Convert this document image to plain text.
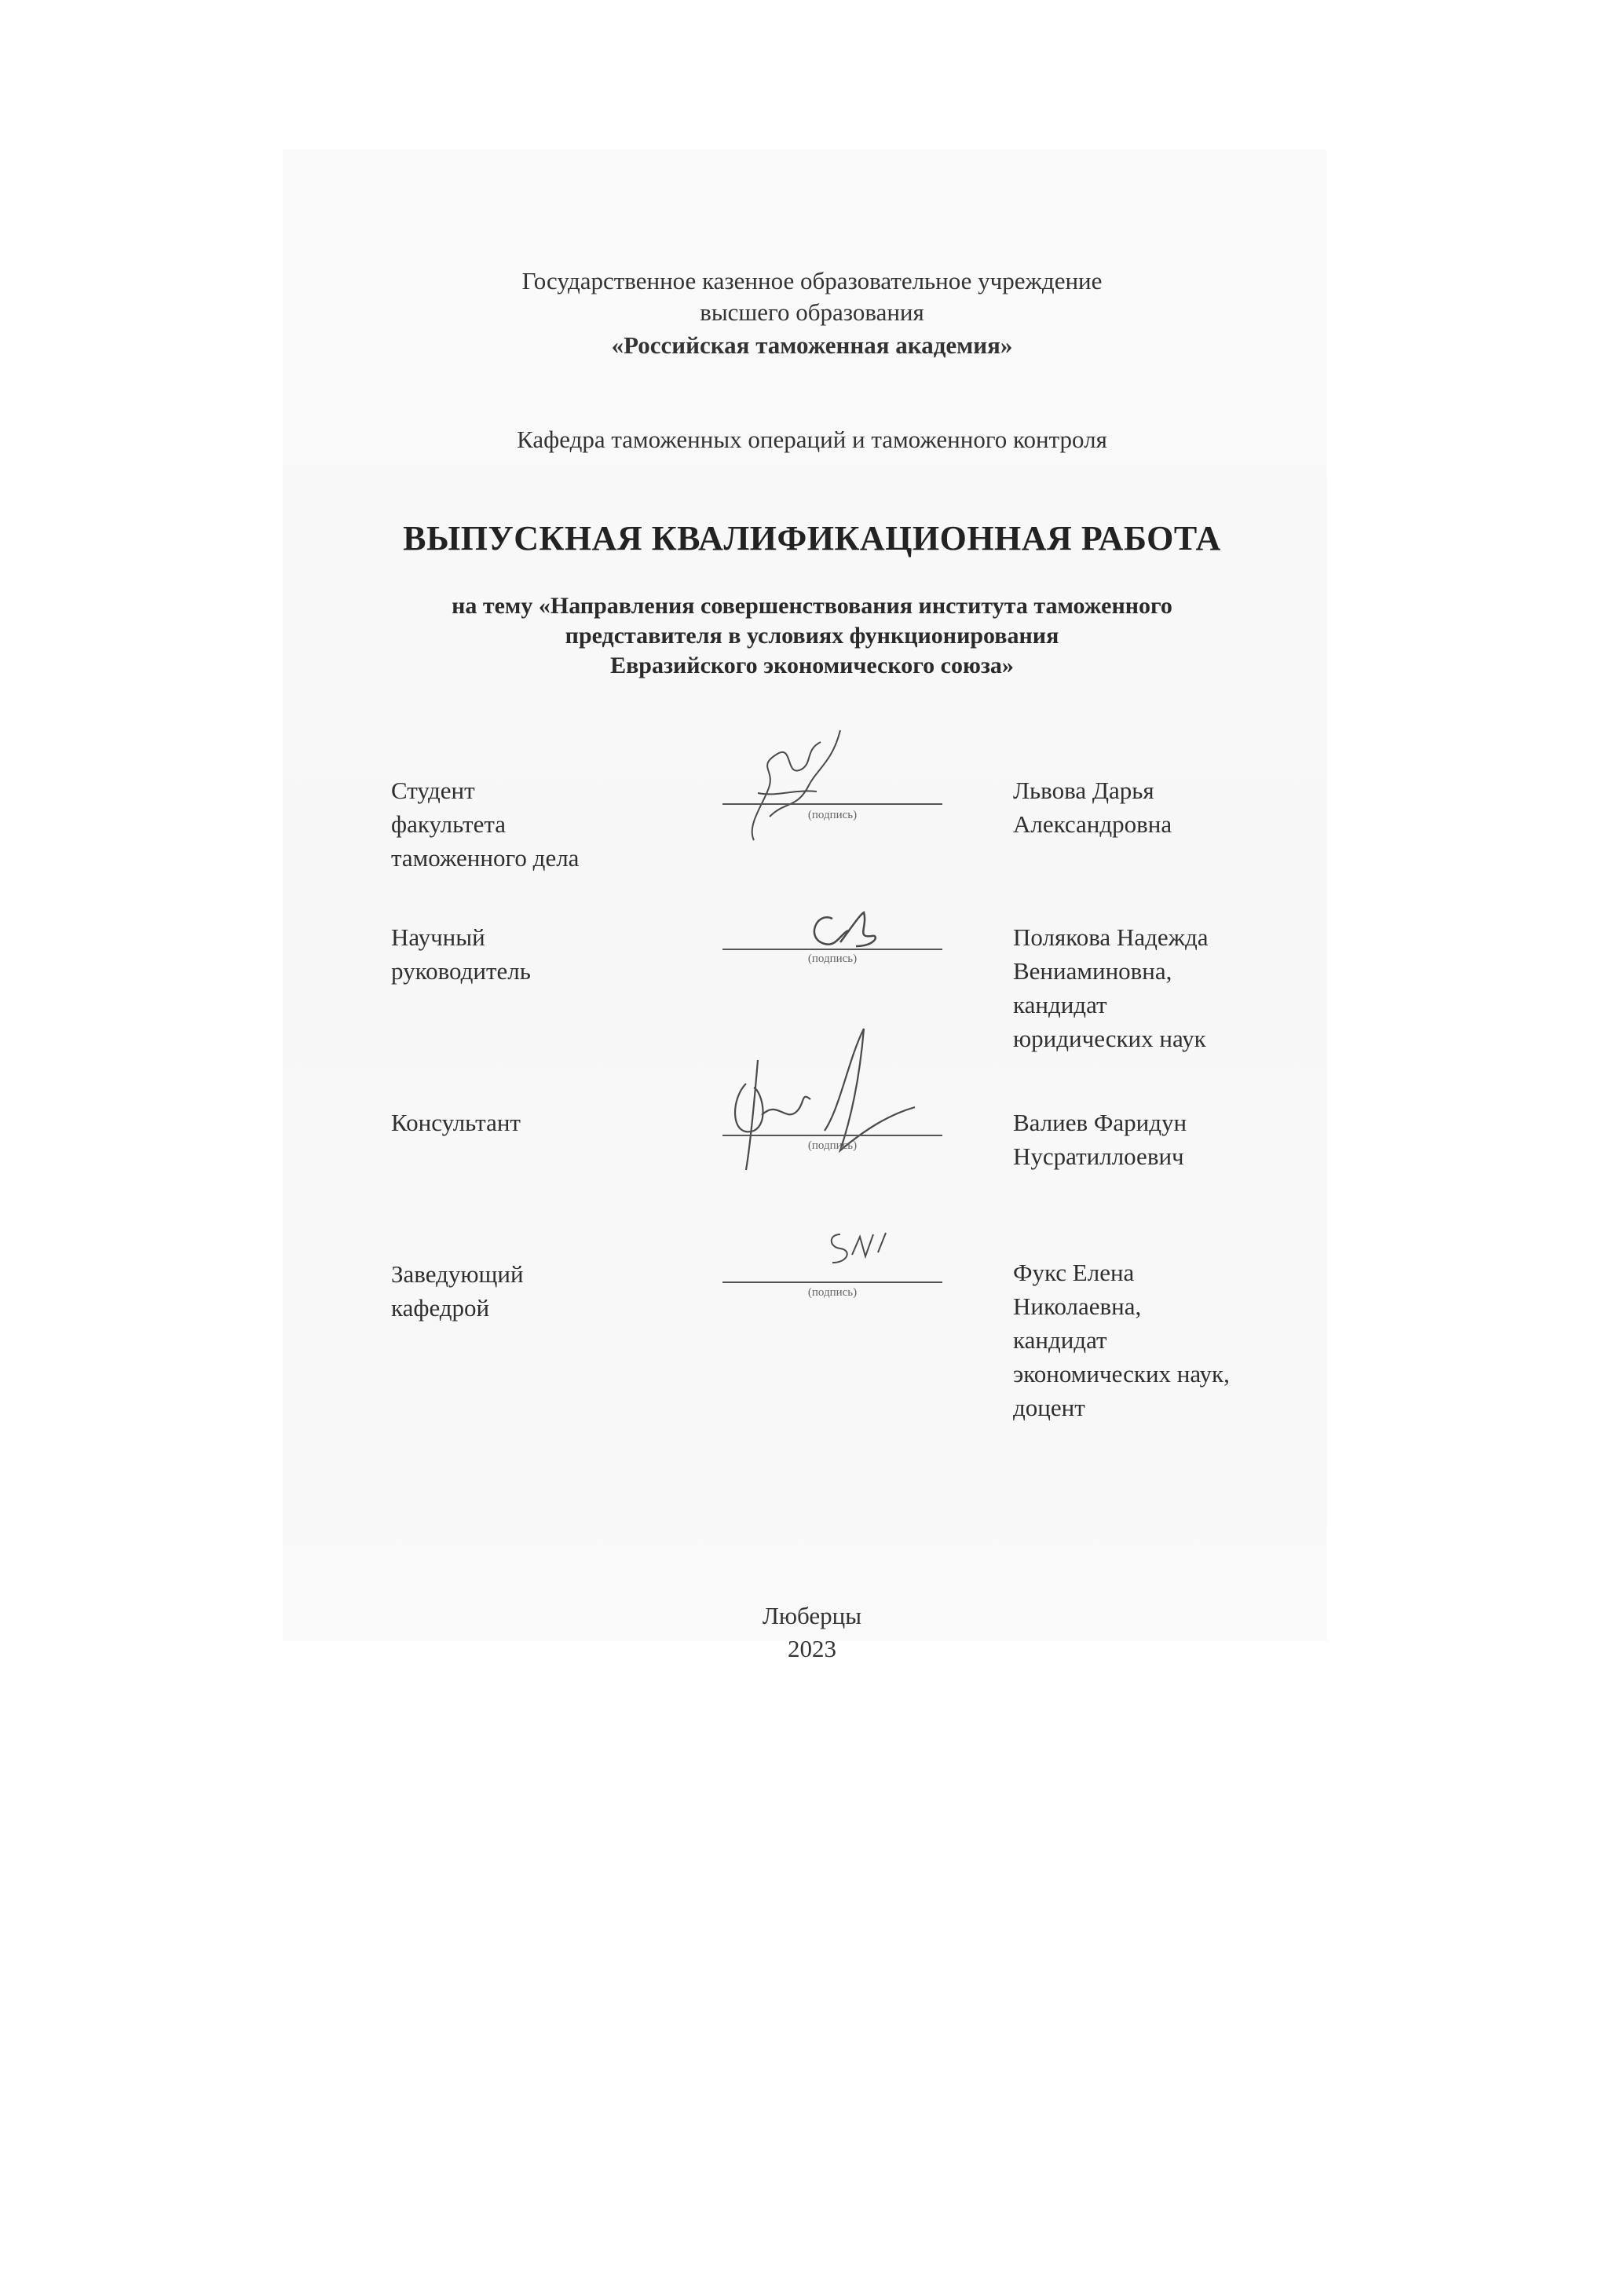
Государственное казенное образовательное учреждение
высшего образования
«Российская таможенная академия»
Кафедра таможенных операций и таможенного контроля
ВЫПУСКНАЯ КВАЛИФИКАЦИОННАЯ РАБОТА
на тему «Направления совершенствования института таможенного
представителя в условиях функционирования
Евразийского экономического союза»
Студент
факультета
таможенного дела
(подпись)
Львова Дарья
Александровна
Научный
руководитель	(подпись)
Полякова Надежда
Вениаминовна,
кандидат
юридических наук
Консультант
(подпись)
Валиев Фаридун
Нусратиллоевич
Заведующий
кафедрой
(подпись)
Фукс Елена
Николаевна,
кандидат
экономических наук,
доцент
Люберцы
2023
